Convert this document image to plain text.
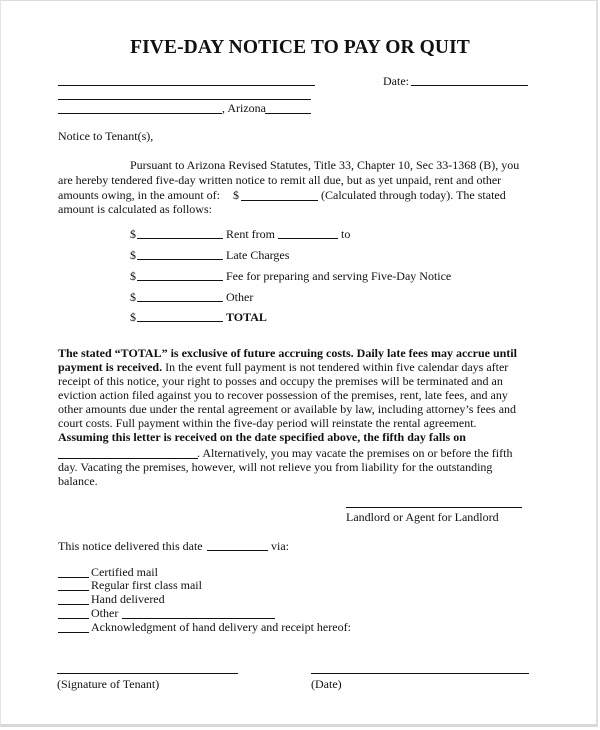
FIVE-DAY NOTICE TO PAY OR QUIT
, Arizona
Date:
Notice to Tenant(s),
Pursuant to Arizona Revised Statutes, Title 33, Chapter 10, Sec 33-1368 (B), you
are hereby tendered five-day written notice to remit all due, but as yet unpaid, rent and other
amounts owing, in the amount of: $	(Calculated through today). The stated
amount is calculated as follows:
$	Rent from	to
$	Late Charges
$	Fee for preparing and serving Five-Day Notice
$	Other
$	TOTAL
The stated “TOTAL” is exclusive of future accruing costs. Daily late fees may accrue until
payment is received. In the event full payment is not tendered within five calendar days after
receipt of this notice, your right to posses and occupy the premises will be terminated and an
eviction action filed against you to recover possession of the premises, rent, late fees, and any
other amounts due under the rental agreement or available by law, including attorney’s fees and
court costs. Full payment within the five-day period will reinstate the rental agreement.
Assuming this letter is received on the date specified above, the fifth day falls on
. Alternatively, you may vacate the premises on or before the fifth
day. Vacating the premises, however, will not relieve you from liability for the outstanding
balance.
Landlord or Agent for Landlord
This notice delivered this date	via:
Certified mail
Regular first class mail
Hand delivered
Other
Acknowledgment of hand delivery and receipt hereof:
(Signature of Tenant)	(Date)
